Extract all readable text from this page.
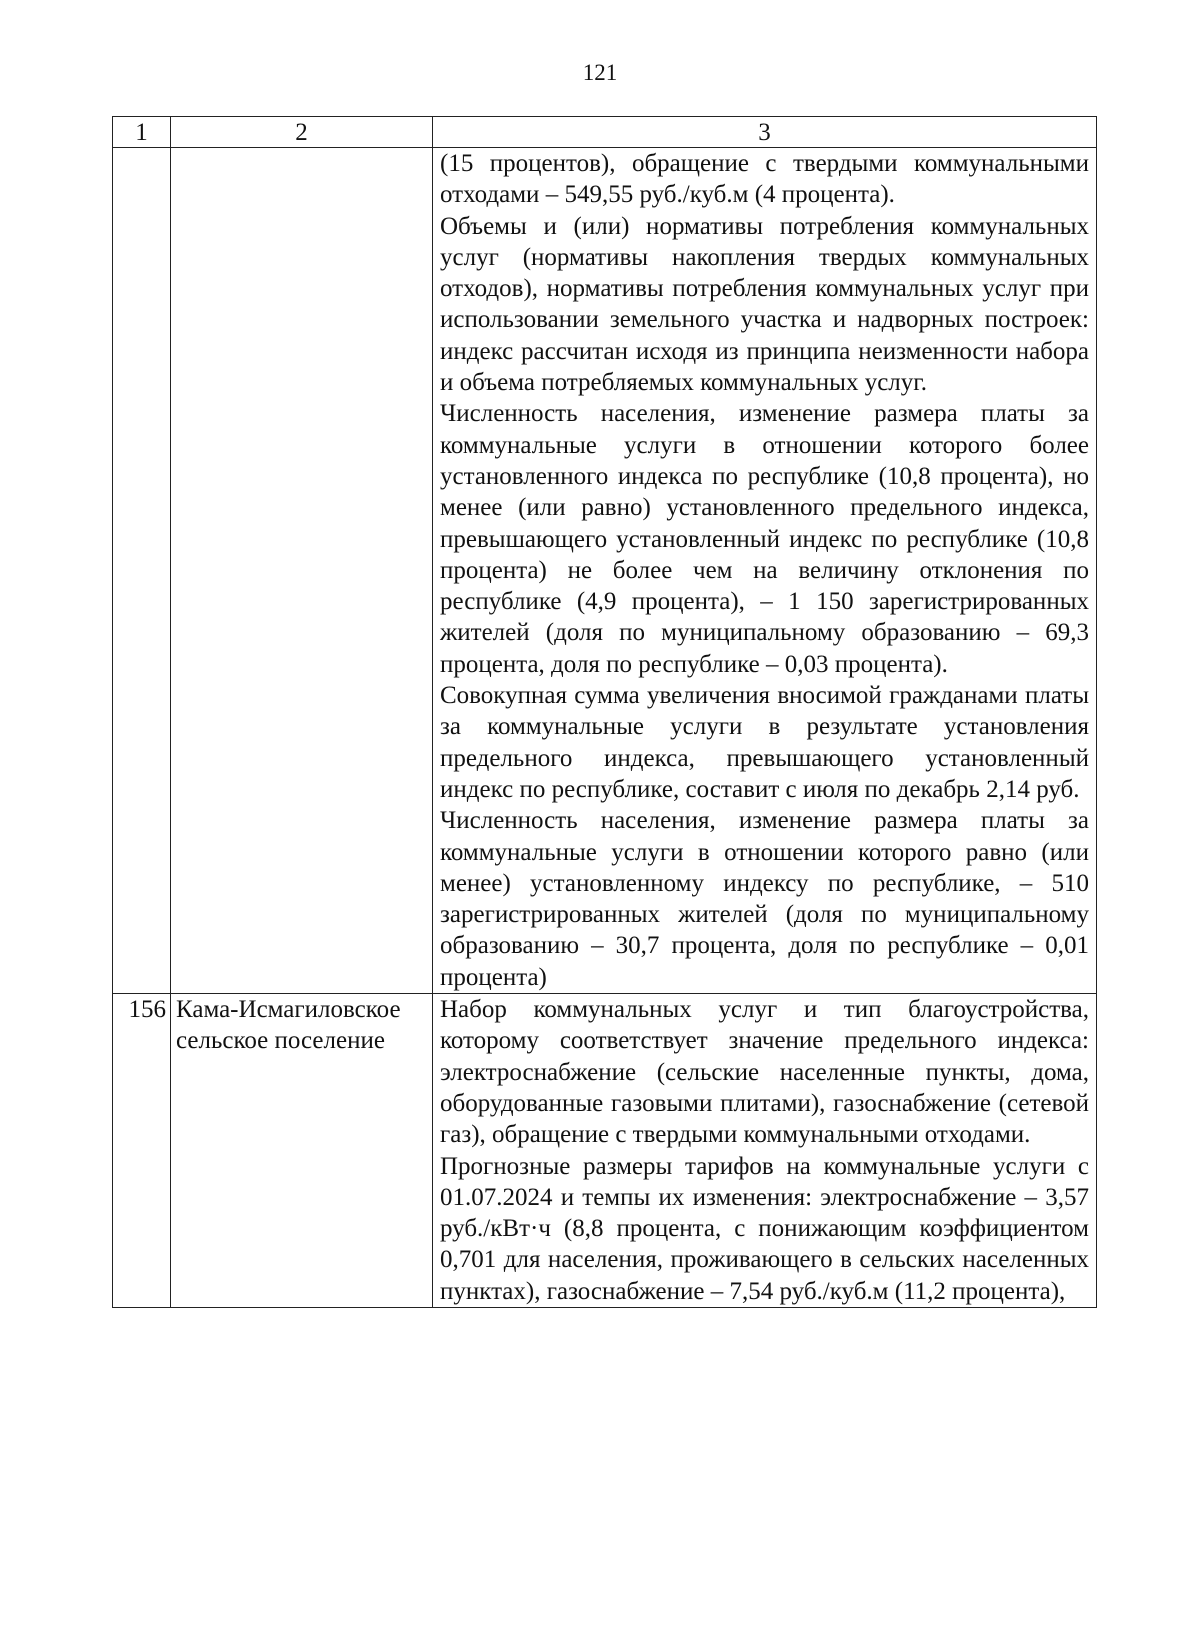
121
1	2	3

		(15 процентов), обращение с твердыми коммунальными отходами – 549,55 руб./куб.м (4 процента).

Объемы и (или) нормативы потребления коммунальных услуг (нормативы накопления твердых коммунальных отходов), нормативы потребления коммунальных услуг при использовании земельного участка и надворных построек: индекс рассчитан исходя из принципа неизменности набора и объема потребляемых коммунальных услуг.

Численность населения, изменение размера платы за коммунальные услуги в отношении которого более установленного индекса по республике (10,8 процента), но менее (или равно) установленного предельного индекса, превышающего установленный индекс по республике (10,8 процента) не более чем на величину отклонения по республике (4,9 процента), – 1 150 зарегистрированных жителей (доля по муниципальному образованию – 69,3 процента, доля по республике – 0,03 процента).

Совокупная сумма увеличения вносимой гражданами платы за коммунальные услуги в результате установления предельного индекса, превышающего установленный индекс по республике, составит с июля по декабрь 2,14 руб.

Численность населения, изменение размера платы за коммунальные услуги в отношении которого равно (или менее) установленному индексу по республике, – 510 зарегистрированных жителей (доля по муниципальному образованию – 30,7 процента, доля по республике – 0,01 процента)

156	Кама-Исмагиловское сельское поселение	Набор коммунальных услуг и тип благоустройства, которому соответствует значение предельного индекса: электроснабжение (сельские населенные пункты, дома, оборудованные газовыми плитами), газоснабжение (сетевой газ), обращение с твердыми коммунальными отходами.

Прогнозные размеры тарифов на коммунальные услуги с 01.07.2024 и темпы их изменения: электроснабжение – 3,57 руб./кВт·ч (8,8 процента, с понижающим коэффициентом 0,701 для населения, проживающего в сельских населенных пунктах), газоснабжение – 7,54 руб./куб.м (11,2 процента),
